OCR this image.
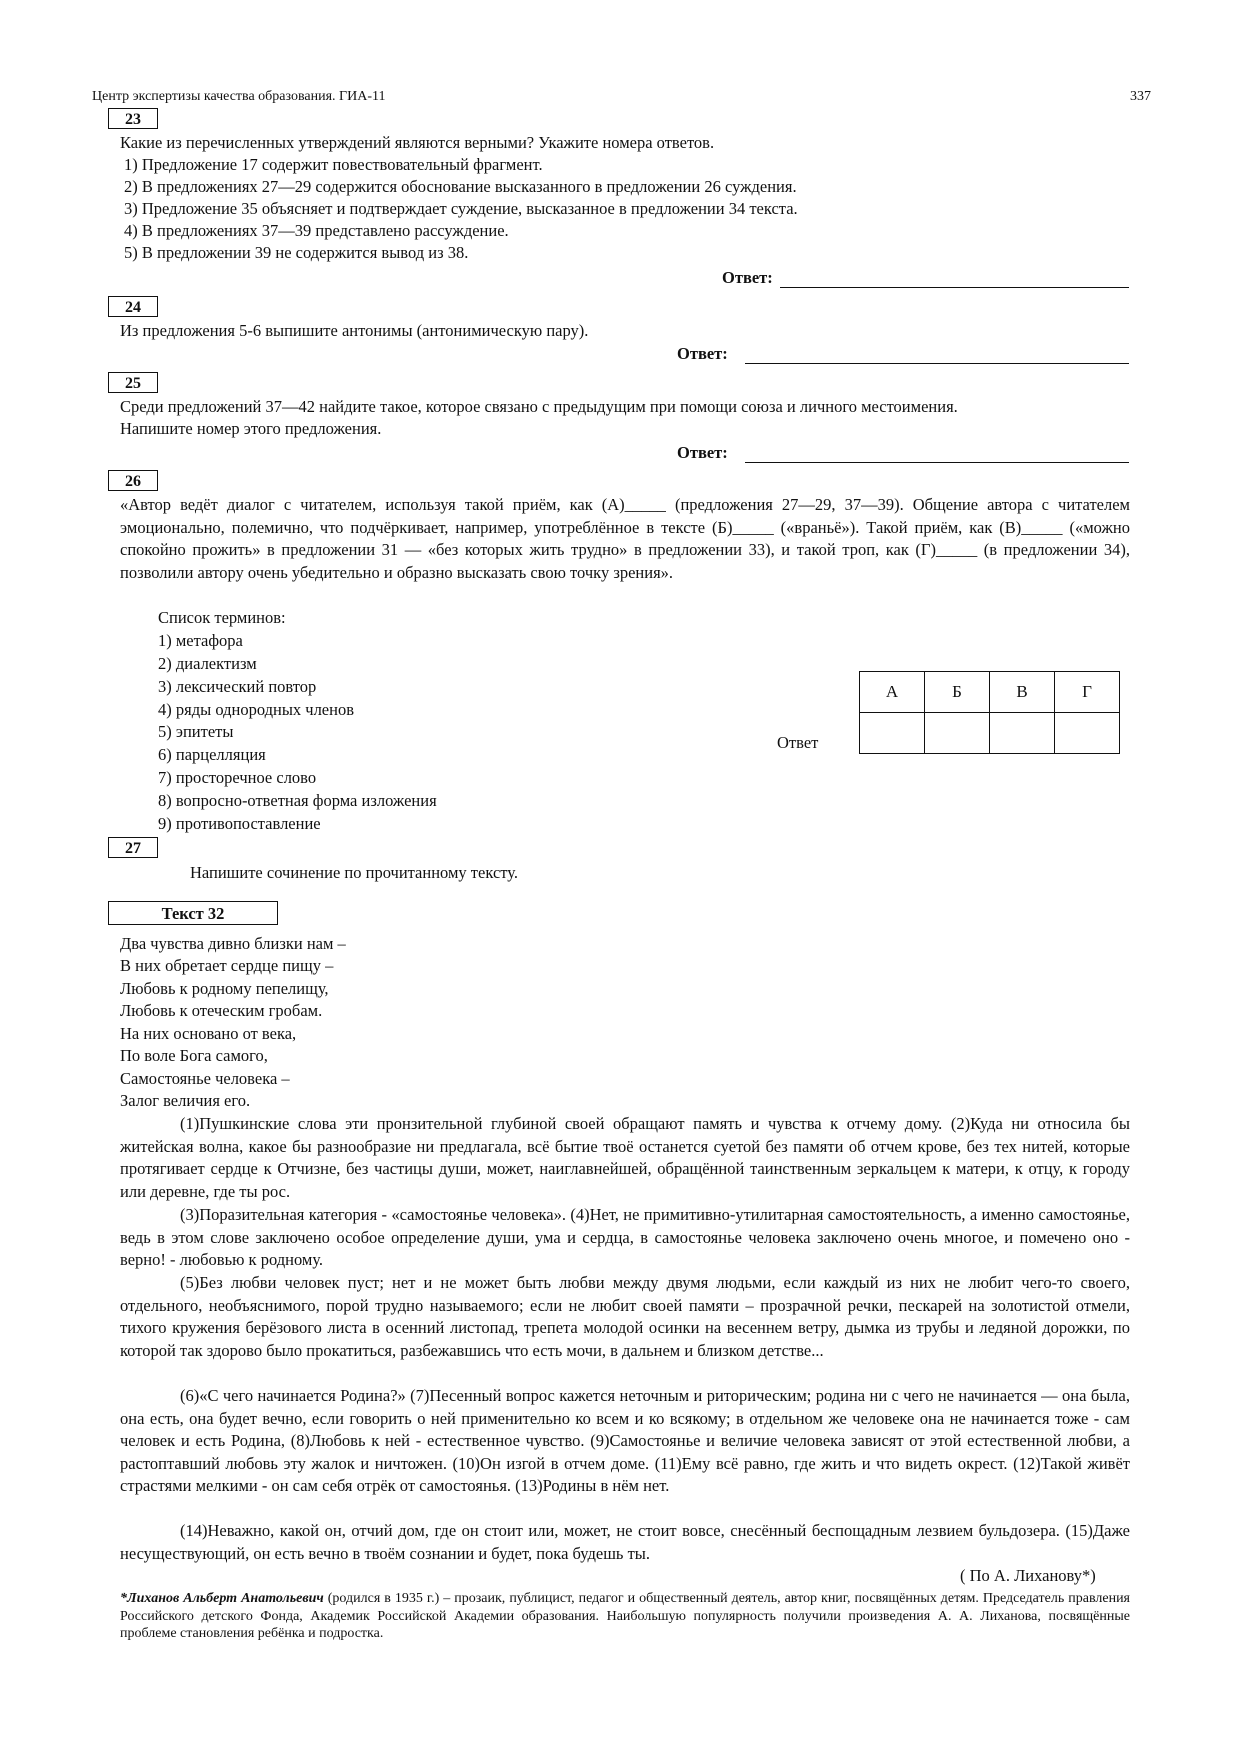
Центр экспертизы качества образования. ГИА-11	337
23
Какие из перечисленных утверждений являются верными? Укажите номера ответов.
1) Предложение 17 содержит повествовательный фрагмент.
2) В предложениях 27—29 содержится обоснование высказанного в предложении 26 суждения.
3) Предложение 35 объясняет и подтверждает суждение, высказанное в предложении 34 текста.
4) В предложениях 37—39 представлено рассуждение.
5) В предложении 39 не содержится вывод из 38.
Ответ:
24
Из предложения 5-6 выпишите антонимы (антонимическую пару).
Ответ:
25
Среди предложений 37—42 найдите такое, которое связано с предыдущим при помощи союза и личного местоимения.
Напишите номер этого предложения.
Ответ:
26

«Автор ведёт диалог с читателем, используя такой приём, как (А)_____ (предложения 27—29, 37—39). Общение автора с читателем эмоционально, полемично, что подчёркивает, например, употреблённое в тексте (Б)_____ («враньё»). Такой приём, как (В)_____ («можно спокойно прожить» в предложении 31 — «без которых жить трудно» в предложении 33), и такой троп, как (Г)_____ (в предложении 34), позволили автору очень убедительно и образно высказать свою точку зрения».

Список терминов:
1) метафора
2) диалектизм
3) лексический повтор
4) ряды однородных членов
5) эпитеты
6) парцелляция
7) просторечное слово
8) вопросно-ответная форма изложения
9) противопоставление
Ответ
А	Б	В	Г

27
Напишите сочинение по прочитанному тексту.
Текст 32
Два чувства дивно близки нам –
В них обретает сердце пищу –
Любовь к родному пепелищу,
Любовь к отеческим гробам.
На них основано от века,
По воле Бога самого,
Самостоянье человека –
Залог величия его.

(1)Пушкинские слова эти пронзительной глубиной своей обращают память и чувства к отчему дому. (2)Куда ни относила бы житейская волна, какое бы разнообразие ни предлагала, всё бытие твоё останется суетой без памяти об отчем крове, без тех нитей, которые протягивает сердце к Отчизне, без частицы души, может, наиглавнейшей, обращённой таинственным зеркальцем к матери, к отцу, к городу или деревне, где ты рос.

(3)Поразительная категория - «самостоянье человека». (4)Нет, не примитивно-утилитарная самостоятельность, а именно самостоянье, ведь в этом слове заключено особое определение души, ума и сердца, в самостоянье человека заключено очень многое, и помечено оно - верно! - любовью к родному.

(5)Без любви человек пуст; нет и не может быть любви между двумя людьми, если каждый из них не любит чего-то своего, отдельного, необъяснимого, порой трудно называемого; если не любит своей памяти – прозрачной речки, пескарей на золотистой отмели, тихого кружения берёзового листа в осенний листопад, трепета молодой осинки на весеннем ветру, дымка из трубы и ледяной дорожки, по которой так здорово было прокатиться, разбежавшись что есть мочи, в дальнем и близком детстве...

(6)«С чего начинается Родина?» (7)Песенный вопрос кажется неточным и риторическим; родина ни с чего не начинается — она была, она есть, она будет вечно, если говорить о ней применительно ко всем и ко всякому; в отдельном же человеке она не начинается тоже - сам человек и есть Родина, (8)Любовь к ней - естественное чувство. (9)Самостоянье и величие человека зависят от этой естественной любви, а растоптавший любовь эту жалок и ничтожен. (10)Он изгой в отчем доме. (11)Ему всё равно, где жить и что видеть окрест. (12)Такой живёт страстями мелкими - он сам себя отрёк от самостоянья. (13)Родины в нём нет.

(14)Неважно, какой он, отчий дом, где он стоит или, может, не стоит вовсе, снесённый беспощадным лезвием бульдозера. (15)Даже несуществующий, он есть вечно в твоём сознании и будет, пока будешь ты.

( По А. Лиханову*)

*Лиханов Альберт Анатольевич (родился в 1935 г.) – прозаик, публицист, педагог и общественный деятель, автор книг, посвящённых детям. Председатель правления Российского детского Фонда, Академик Российской Академии образования. Наибольшую популярность получили произведения А. А. Лиханова, посвящённые проблеме становления ребёнка и подростка.
